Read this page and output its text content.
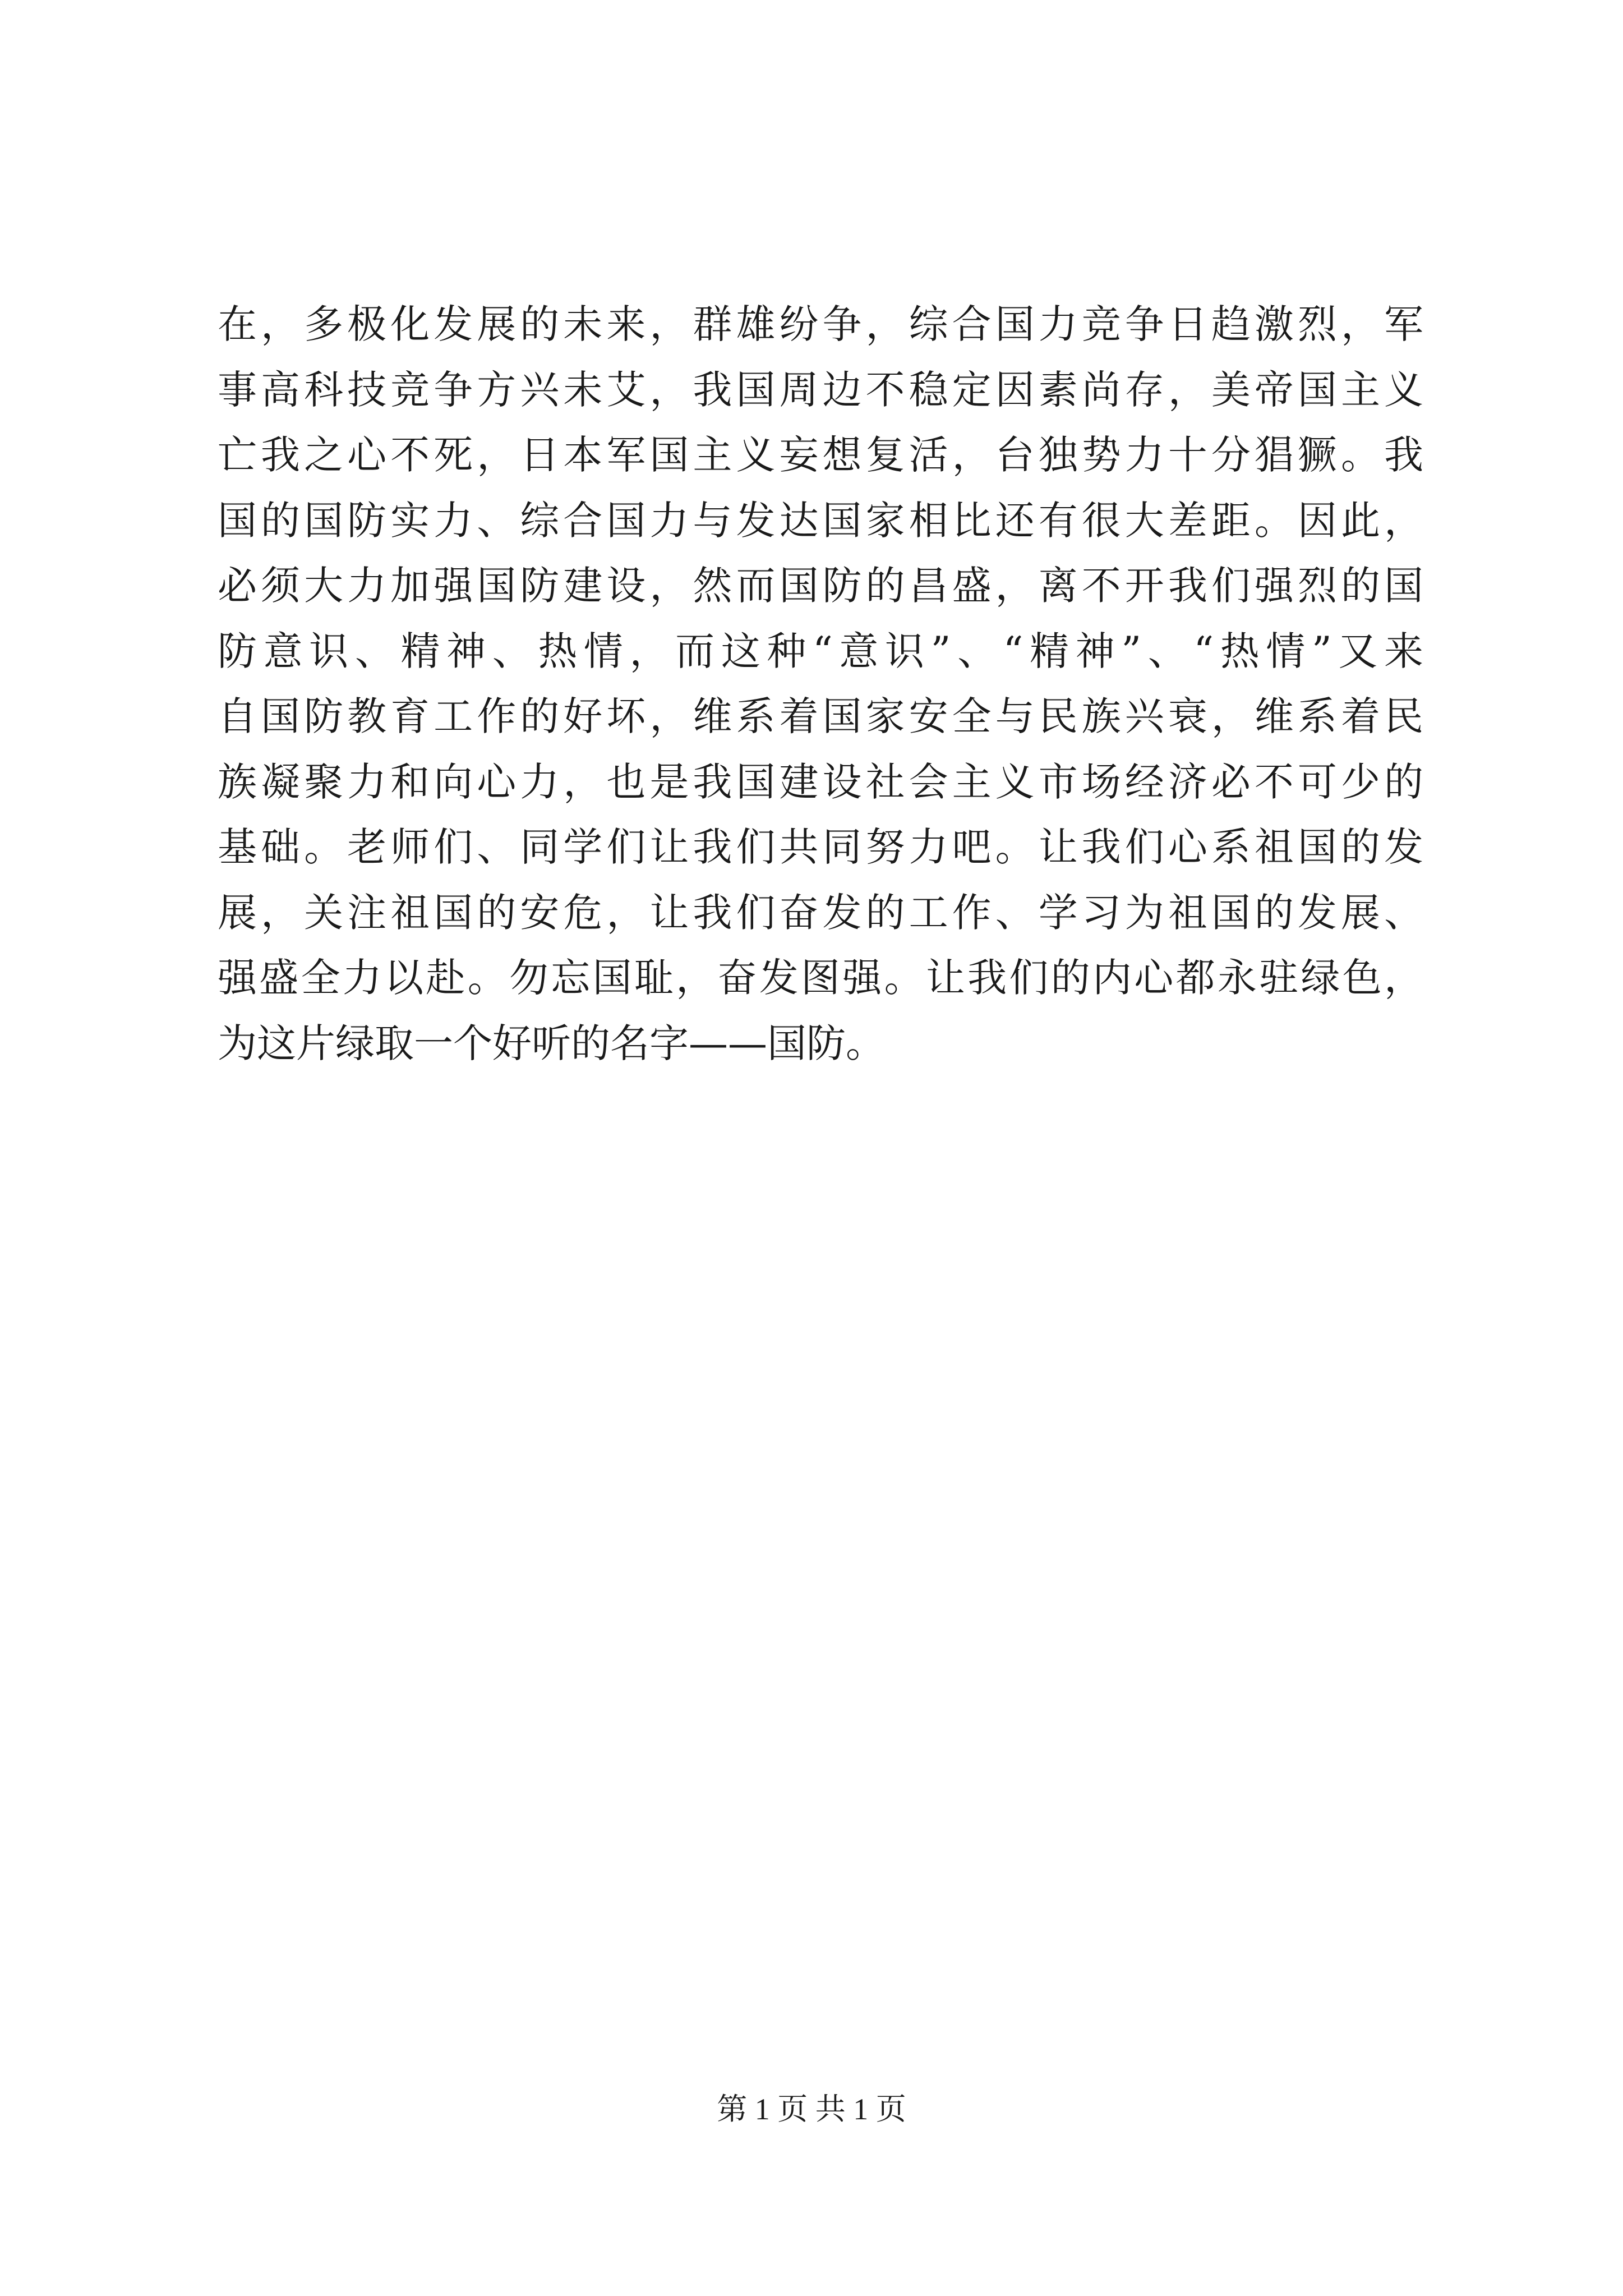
在，多极化发展的未来，群雄纷争，综合国力竞争日趋激烈，军
事高科技竞争方兴未艾，我国周边不稳定因素尚存，美帝国主义
亡我之心不死，日本军国主义妄想复活，台独势力十分猖獗。我
国的国防实力、综合国力与发达国家相比还有很大差距。因此，
必须大力加强国防建设，然而国防的昌盛，离不开我们强烈的国
防意识、精神、热情，而这种“意识”、“精神”、“热情”又来
自国防教育工作的好坏，维系着国家安全与民族兴衰，维系着民
族凝聚力和向心力，也是我国建设社会主义市场经济必不可少的
基础。老师们、同学们让我们共同努力吧。让我们心系祖国的发
展，关注祖国的安危，让我们奋发的工作、学习为祖国的发展、
强盛全力以赴。勿忘国耻，奋发图强。让我们的内心都永驻绿色，
为这片绿取一个好听的名字——国防。
第 1 页 共 1 页
